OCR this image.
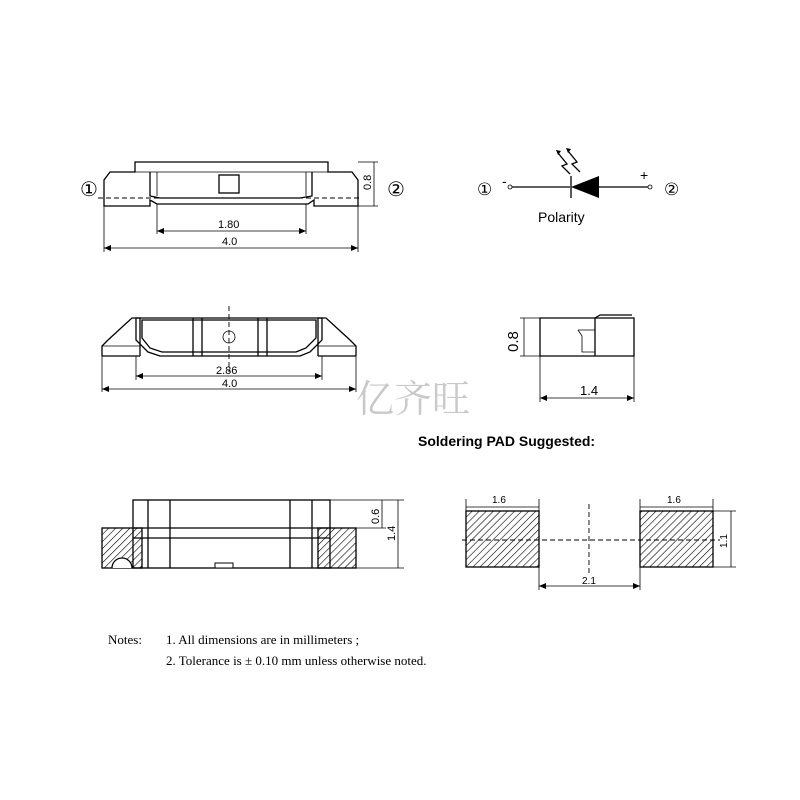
0.8
1.80
4.0
①	②	① -	+
②
Polarity
2.86
4.0
0.8
1.4
亿齐旺
Soldering PAD Suggested:
0.6
1.4
1.6	1.6
1.1
2.1
Notes: 1. All dimensions are in millimeters ;
2. Tolerance is ± 0.10 mm unless otherwise noted.
